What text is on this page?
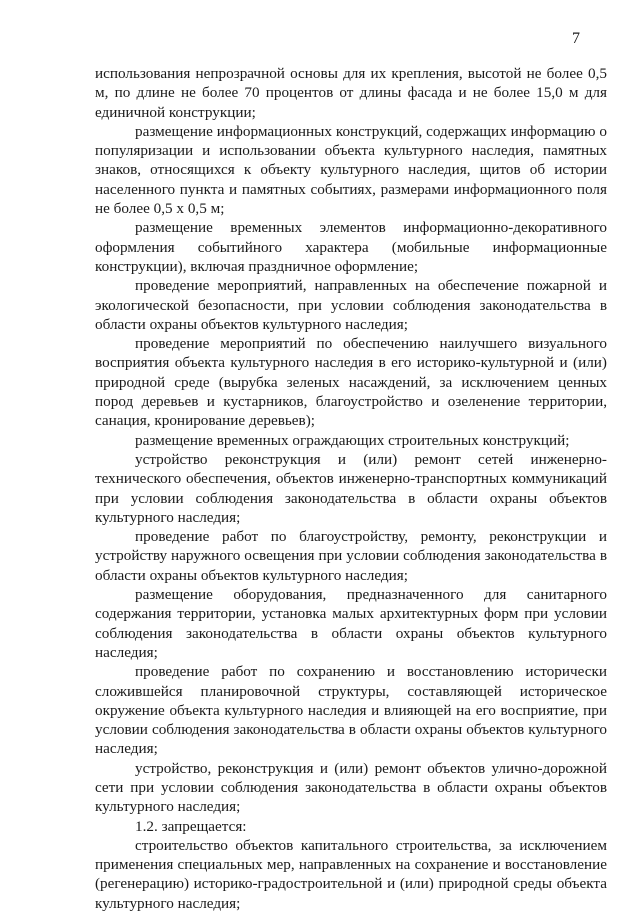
7

использования непрозрачной основы для их крепления, высотой не более 0,5 м, по длине не более 70 процентов от длины фасада и не более 15,0 м для единичной конструкции;

размещение информационных конструкций, содержащих информацию о популяризации и использовании объекта культурного наследия, памятных знаков, относящихся к объекту культурного наследия, щитов об истории населенного пункта и памятных событиях, размерами информационного поля не более 0,5 х 0,5 м;

размещение временных элементов информационно-декоративного оформления событийного характера (мобильные информационные конструкции), включая праздничное оформление;

проведение мероприятий, направленных на обеспечение пожарной и экологической безопасности, при условии соблюдения законодательства в области охраны объектов культурного наследия;

проведение мероприятий по обеспечению наилучшего визуального восприятия объекта культурного наследия в его историко-культурной и (или) природной среде (вырубка зеленых насаждений, за исключением ценных пород деревьев и кустарников, благоустройство и озеленение территории, санация, кронирование деревьев);

размещение временных ограждающих строительных конструкций;

устройство реконструкция и (или) ремонт сетей инженерно-технического обеспечения, объектов инженерно-транспортных коммуникаций при условии соблюдения законодательства в области охраны объектов культурного наследия;

проведение работ по благоустройству, ремонту, реконструкции и устройству наружного освещения при условии соблюдения законодательства в области охраны объектов культурного наследия;

размещение оборудования, предназначенного для санитарного содержания территории, установка малых архитектурных форм при условии соблюдения законодательства в области охраны объектов культурного наследия;

проведение работ по сохранению и восстановлению исторически сложившейся планировочной структуры, составляющей историческое окружение объекта культурного наследия и влияющей на его восприятие, при условии соблюдения законодательства в области охраны объектов культурного наследия;

устройство, реконструкция и (или) ремонт объектов улично-дорожной сети при условии соблюдения законодательства в области охраны объектов культурного наследия;

1.2. запрещается:

строительство объектов капитального строительства, за исключением применения специальных мер, направленных на сохранение и восстановление (регенерацию) историко-градостроительной и (или) природной среды объекта культурного наследия;
